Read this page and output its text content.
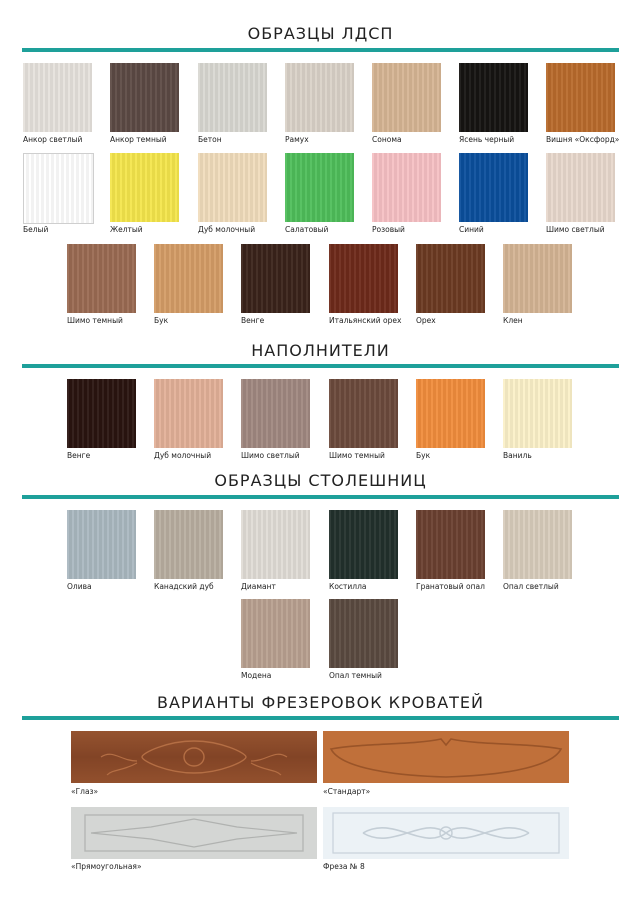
ОБРАЗЦЫ ЛДСП
Анкор светлый	Анкор темный	Бетон	Рамух	Сонома	Ясень черный	Вишня «Оксфорд»
Белый	Желтый	Дуб молочный	Салатовый	Розовый	Синий	Шимо светлый
Шимо темный	Бук	Венге	Итальянский орех Орех	Клен
НАПОЛНИТЕЛИ
Венге	Дуб молочный	Шимо светлый	Шимо темный	Бук	Ваниль
ОБРАЗЦЫ СТОЛЕШНИЦ
Олива	Канадский дуб	Диамант	Костилла	Гранатовый опал Опал светлый
Модена	Опал темный
ВАРИАНТЫ ФРЕЗЕРОВОК КРОВАТЕЙ
«Глаз»	«Стандарт»
«Прямоугольная»	Фреза № 8
